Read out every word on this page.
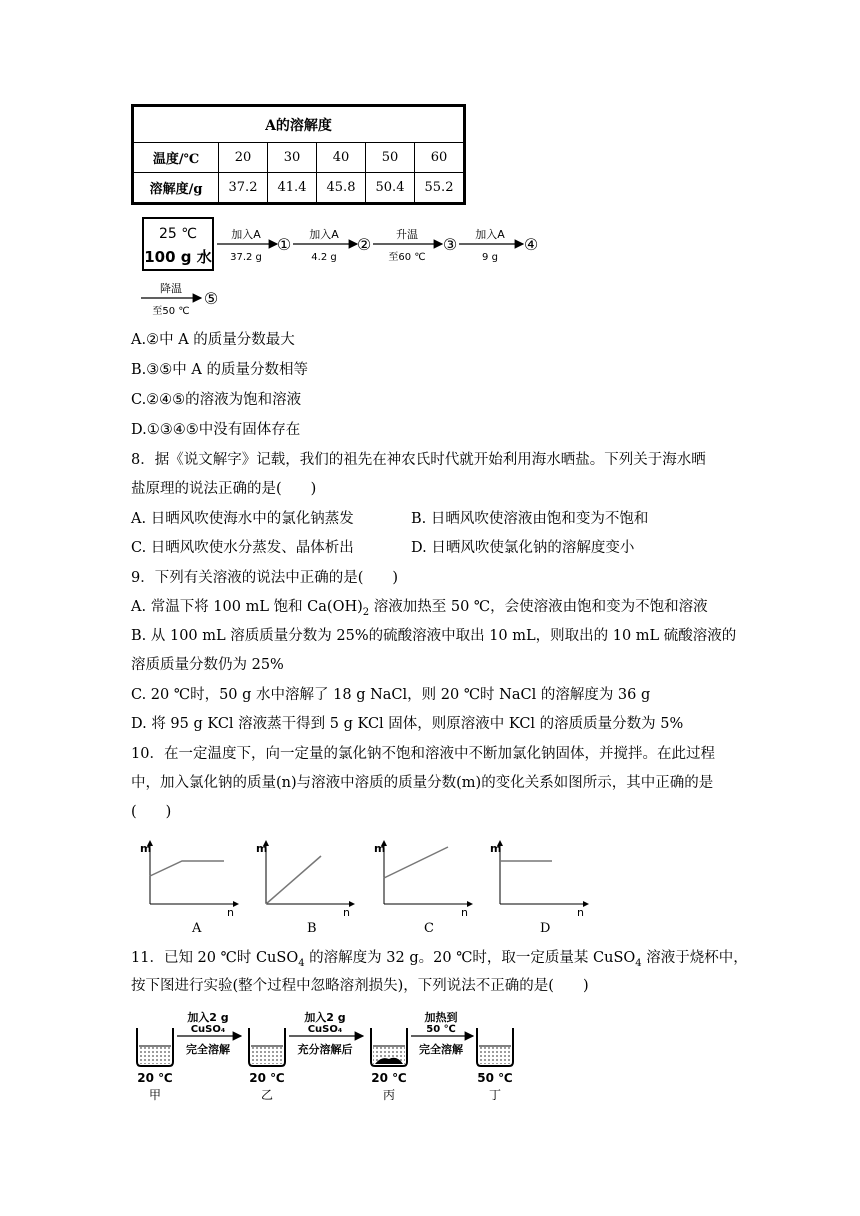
A的溶解度					
温度/℃	20	30	40	50	60
溶解度/g	37.2	41.4	45.8	50.4	55.2
25 ℃
100 g 水
加入A
37.2 g
①
加入A
4.2 g
②
升温
至60 ℃
③
加入A
9 g
④
降温
至50 ℃
⑤
A.②中 A 的质量分数最大
B.③⑤中 A 的质量分数相等
C.②④⑤的溶液为饱和溶液
D.①③④⑤中没有固体存在
8．据《说文解字》记载，我们的祖先在神农氏时代就开始利用海水晒盐。下列关于海水晒
盐原理的说法正确的是(　　)
A. 日晒风吹使海水中的氯化钠蒸发	B. 日晒风吹使溶液由饱和变为不饱和
C. 日晒风吹使水分蒸发、晶体析出	D. 日晒风吹使氯化钠的溶解度变小
9．下列有关溶液的说法中正确的是(　　)
A. 常温下将 100 mL 饱和 $Ca(OH)_2$ 溶液加热至 50 ℃，会使溶液由饱和变为不饱和溶液
B. 从 100 mL 溶质质量分数为 25%的硫酸溶液中取出 10 mL，则取出的 10 mL 硫酸溶液的
溶质质量分数仍为 25%
C. 20 ℃时，50 g 水中溶解了 18 g NaCl，则 20 ℃时 NaCl 的溶解度为 36 g
D. 将 95 g KCl 溶液蒸干得到 5 g KCl 固体，则原溶液中 KCl 的溶质质量分数为 5%
10．在一定温度下，向一定量的氯化钠不饱和溶液中不断加氯化钠固体，并搅拌。在此过程
中，加入氯化钠的质量(n)与溶液中溶质的质量分数(m)的变化关系如图所示，其中正确的是
(　　)
m
n
m
n
m
n
m
n
A	B	C	D
11．已知 20 ℃时 CuSO$_4$ 的溶解度为 32 g。20 ℃时，取一定质量某 CuSO$_4$ 溶液于烧杯中，
按下图进行实验(整个过程中忽略溶剂损失)，下列说法不正确的是(　　)
20 ℃
甲
加入2 g
CuSO₄
完全溶解
20 ℃
乙
加入2 g
CuSO₄
充分溶解后
20 ℃
丙
加热到
50 ℃
完全溶解
50 ℃
丁
